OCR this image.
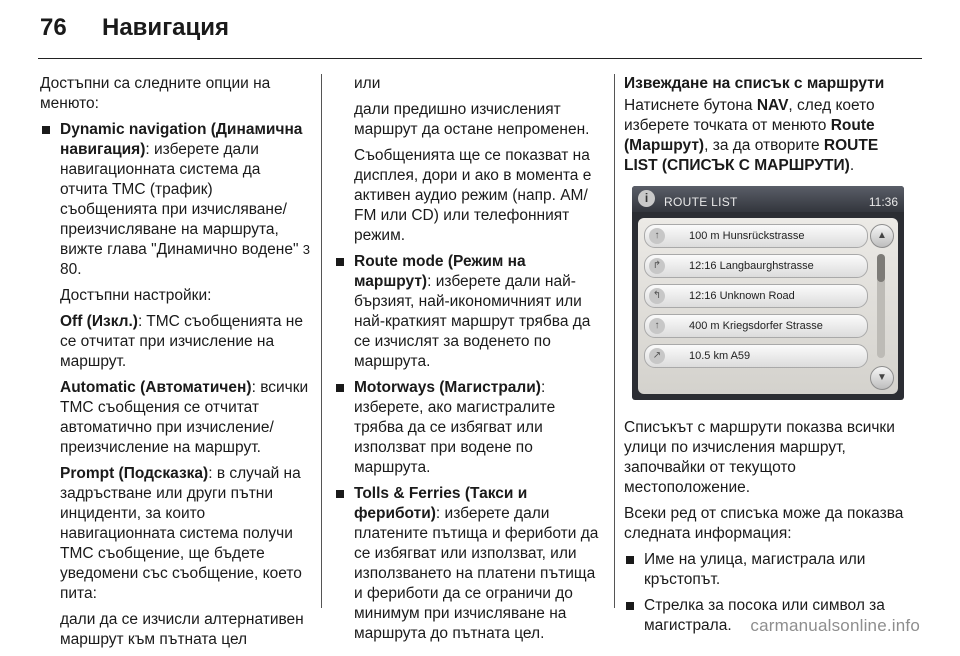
76	Навигация

Достъпни са следните опции на менюто:

Dynamic navigation (Динамична навигация): изберете дали навигационната система да отчита TMC (трафик) съобщенията при изчисляване/ преизчисляване на маршрута, вижте глава "Динамично водене" 3 80.

Достъпни настройки:

Off (Изкл.): TMC съобщенията не се отчитат при изчисление на маршрут.

Automatic (Автоматичен): всички TMC съобщения се отчитат автоматично при изчисление/ преизчисление на маршрут.

Prompt (Подсказка): в случай на задръстване или други пътни инциденти, за които навигационната система получи TMC съобщение, ще бъдете уведомени със съобщение, което пита:

дали да се изчисли алтернативен маршрут към пътната цел

или

дали предишно изчисленият маршрут да остане непроменен.

Съобщенията ще се показват на дисплея, дори и ако в момента е активен аудио режим (напр. AM/ FM или CD) или телефонният режим.

Route mode (Режим на маршрут): изберете дали най-бързият, най-икономичният или най-краткият маршрут трябва да се изчислят за воденето по маршрута.
Motorways (Магистрали): изберете, ако магистралите трябва да се избягват или използват при водене по маршрута.
Tolls & Ferries (Такси и фериботи): изберете дали платените пътища и фериботи да се избягват или използват, или използването на платени пътища и фериботи да се ограничи до минимум при изчисляване на маршрута до пътната цел.

Извеждане на списък с маршрути

Натиснете бутона NAV, след което изберете точката от менюто Route (Маршрут), за да отворите ROUTE LIST (СПИСЪК С МАРШРУТИ).

i	ROUTE LIST	11:36
↑	100 m Hunsrückstrasse
↱	12:16 Langbaurghstrasse
↰	12:16 Unknown Road
↑	400 m Kriegsdorfer Strasse
↗	10.5 km A59
▲
▼

Списъкът с маршрути показва всички улици по изчисления маршрут, започвайки от текущото местоположение.

Всеки ред от списъка може да показва следната информация:

Име на улица, магистрала или кръстопът.
Стрелка за посока или символ за магистрала.	carmanualsonline.info
